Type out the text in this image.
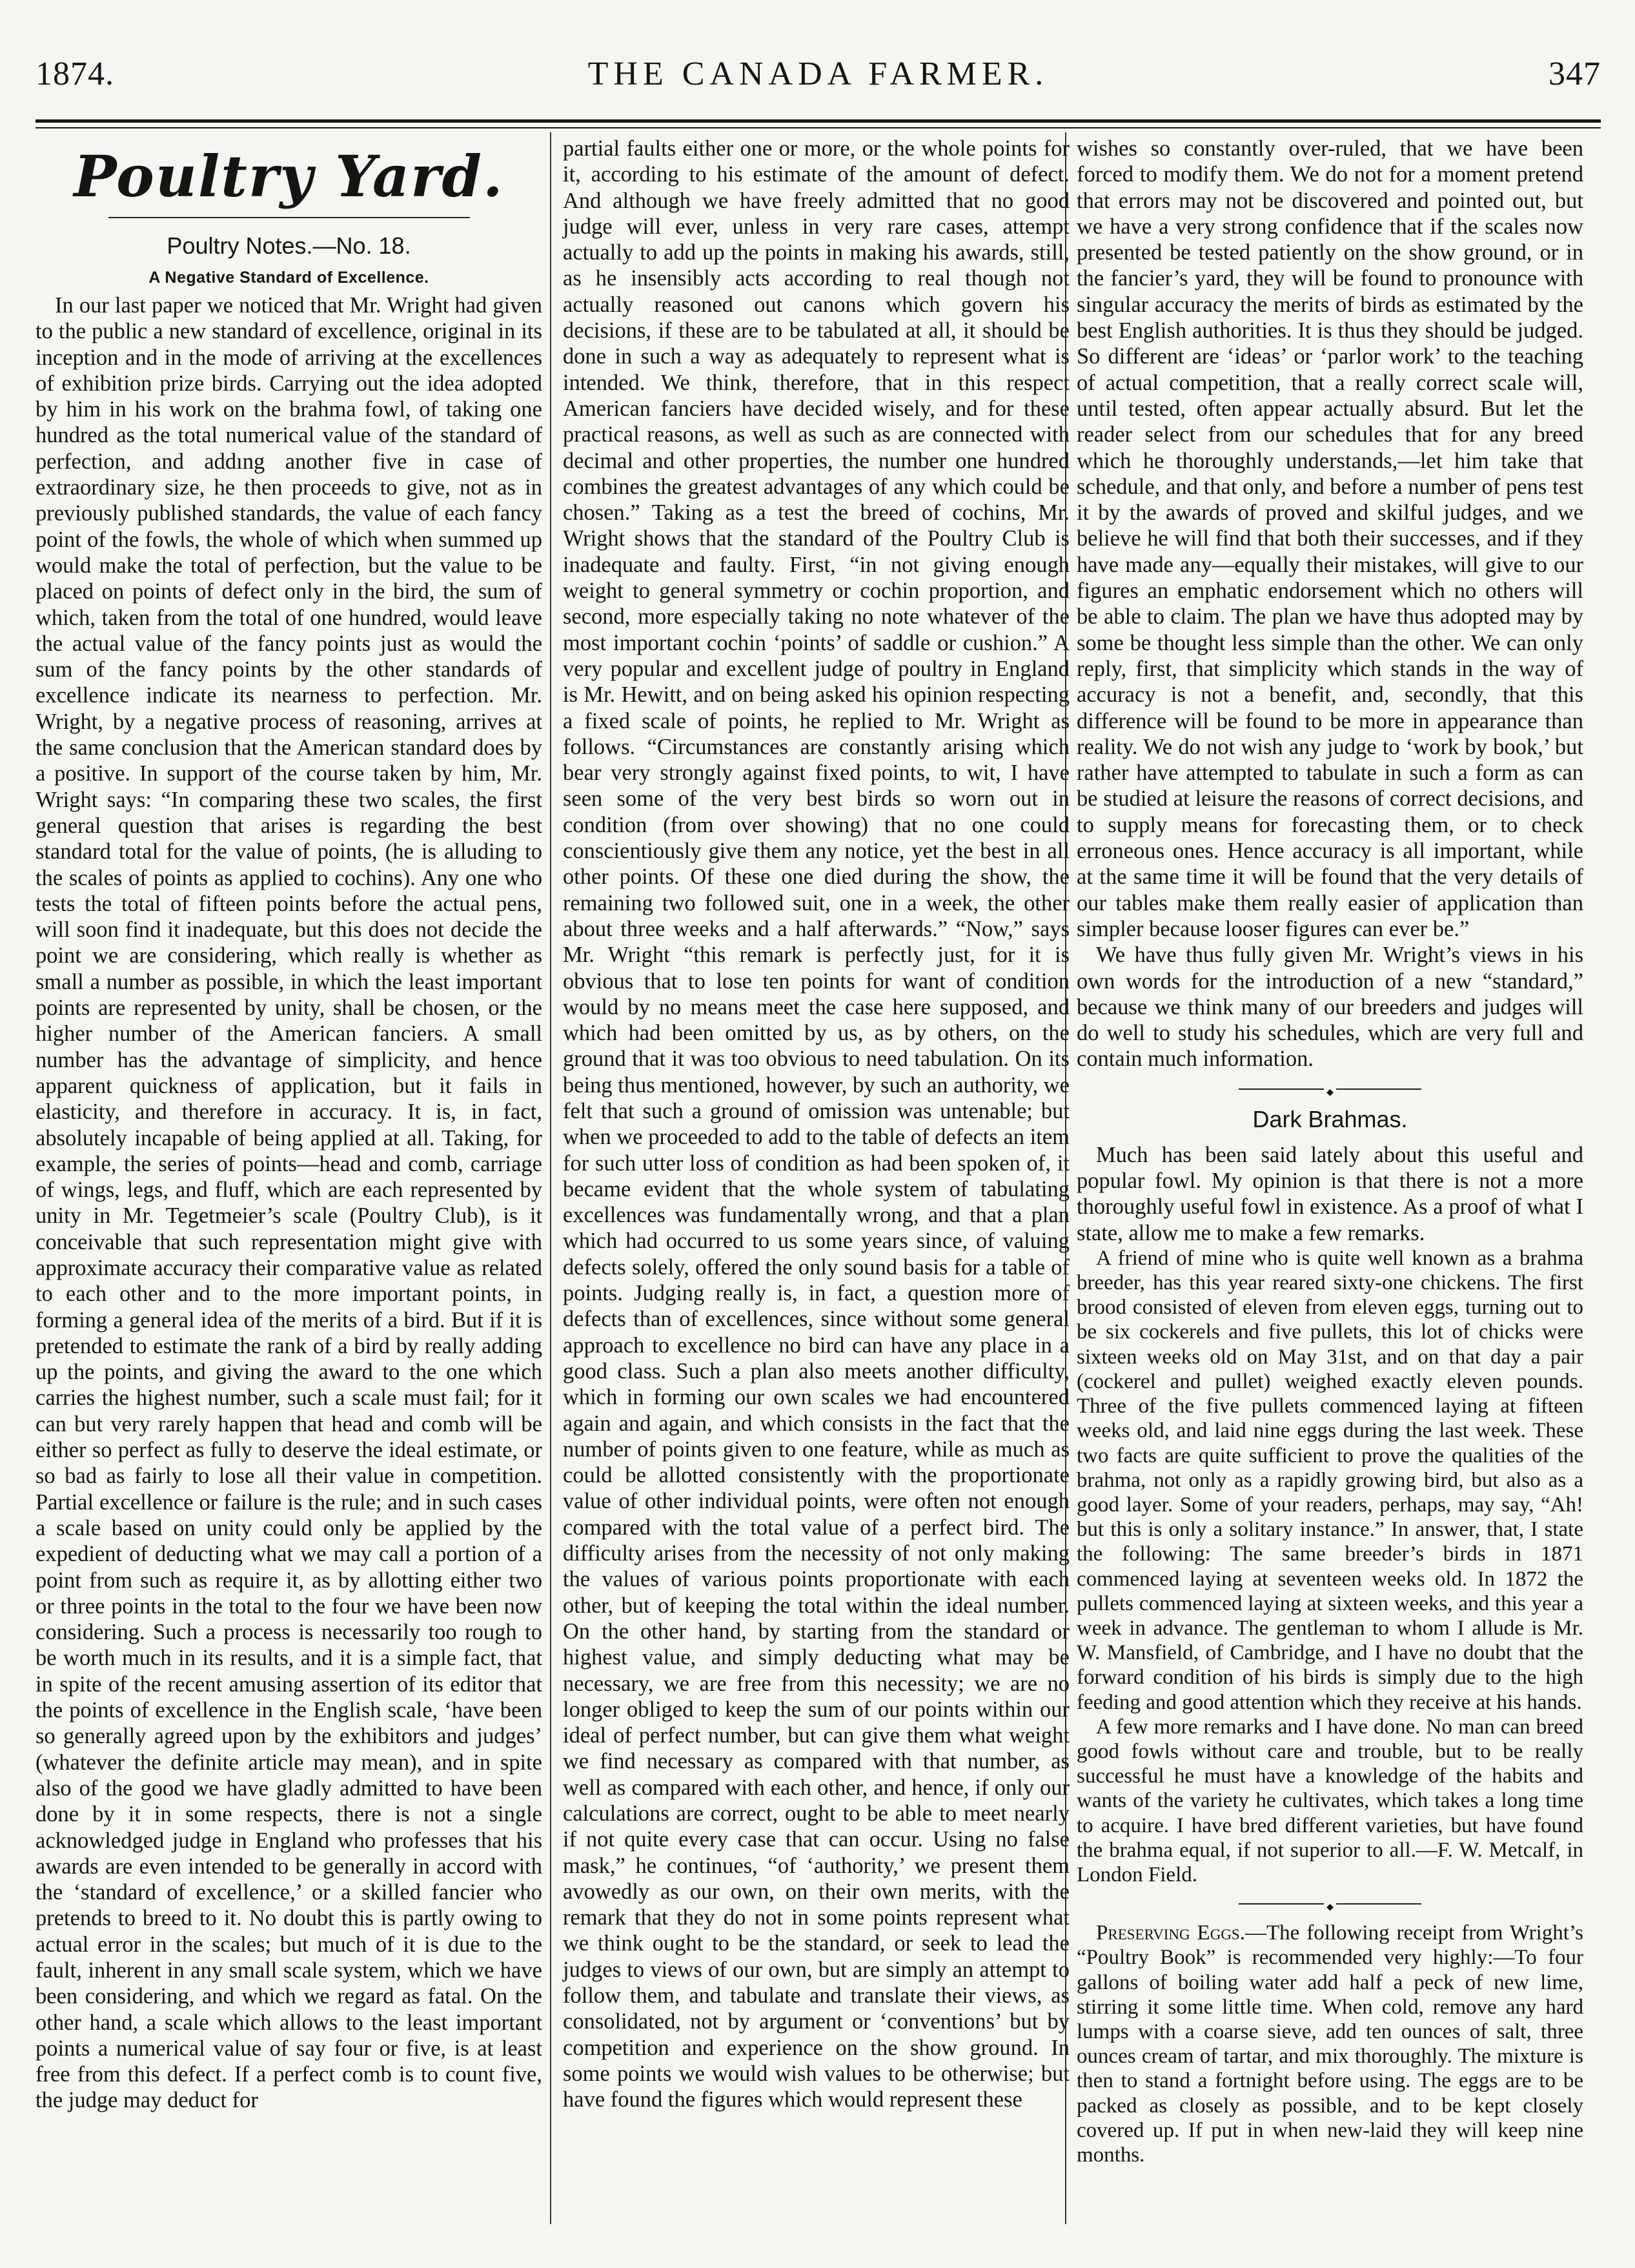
1874.	THE CANADA FARMER.	347
Poultry Yard.
Poultry Notes.—No. 18.
A Negative Standard of Excellence.

In our last paper we noticed that Mr. Wright had given to the public a new standard of excellence, original in its inception and in the mode of arriving at the excellences of exhibition prize birds. Carrying out the idea adopted by him in his work on the brahma fowl, of taking one hundred as the total numerical value of the standard of perfection, and addıng another five in case of extraordinary size, he then proceeds to give, not as in previously published standards, the value of each fancy point of the fowls, the whole of which when summed up would make the total of perfection, but the value to be placed on points of defect only in the bird, the sum of which, taken from the total of one hundred, would leave the actual value of the fancy points just as would the sum of the fancy points by the other standards of excellence indicate its nearness to perfection. Mr. Wright, by a negative process of reasoning, arrives at the same conclusion that the American standard does by a positive. In support of the course taken by him, Mr. Wright says: “In comparing these two scales, the first general question that arises is regarding the best standard total for the value of points, (he is alluding to the scales of points as applied to cochins). Any one who tests the total of fifteen points before the actual pens, will soon find it inadequate, but this does not decide the point we are considering, which really is whether as small a number as possible, in which the least important points are represented by unity, shall be chosen, or the higher number of the American fanciers. A small number has the advantage of simplicity, and hence apparent quickness of application, but it fails in elasticity, and therefore in accuracy. It is, in fact, absolutely incapable of being applied at all. Taking, for example, the series of points—head and comb, carriage of wings, legs, and fluff, which are each represented by unity in Mr. Tegetmeier’s scale (Poultry Club), is it conceivable that such representation might give with approximate accuracy their comparative value as related to each other and to the more important points, in forming a general idea of the merits of a bird. But if it is pretended to estimate the rank of a bird by really adding up the points, and giving the award to the one which carries the highest number, such a scale must fail; for it can but very rarely happen that head and comb will be either so perfect as fully to deserve the ideal estimate, or so bad as fairly to lose all their value in competition. Partial excellence or failure is the rule; and in such cases a scale based on unity could only be applied by the expedient of deducting what we may call a portion of a point from such as require it, as by allotting either two or three points in the total to the four we have been now considering. Such a process is necessarily too rough to be worth much in its results, and it is a simple fact, that in spite of the recent amusing assertion of its editor that the points of excellence in the English scale, ‘have been so generally agreed upon by the exhibitors and judges’ (whatever the definite article may mean), and in spite also of the good we have gladly admitted to have been done by it in some respects, there is not a single acknowledged judge in England who professes that his awards are even intended to be generally in accord with the ‘standard of excellence,’ or a skilled fancier who pretends to breed to it. No doubt this is partly owing to actual error in the scales; but much of it is due to the fault, inherent in any small scale system, which we have been considering, and which we regard as fatal. On the other hand, a scale which allows to the least important points a numerical value of say four or five, is at least free from this defect. If a perfect comb is to count five, the judge may deduct for

partial faults either one or more, or the whole points for it, according to his estimate of the amount of defect. And although we have freely admitted that no good judge will ever, unless in very rare cases, attempt actually to add up the points in making his awards, still, as he insensibly acts according to real though not actually reasoned out canons which govern his decisions, if these are to be tabulated at all, it should be done in such a way as adequately to represent what is intended. We think, therefore, that in this respect American fanciers have decided wisely, and for these practical reasons, as well as such as are connected with decimal and other properties, the number one hundred combines the greatest advantages of any which could be chosen.” Taking as a test the breed of cochins, Mr. Wright shows that the standard of the Poultry Club is inadequate and faulty. First, “in not giving enough weight to general symmetry or cochin proportion, and second, more especially taking no note whatever of the most important cochin ‘points’ of saddle or cushion.” A very popular and excellent judge of poultry in England is Mr. Hewitt, and on being asked his opinion respecting a fixed scale of points, he replied to Mr. Wright as follows. “Circumstances are constantly arising which bear very strongly against fixed points, to wit, I have seen some of the very best birds so worn out in condition (from over showing) that no one could conscientiously give them any notice, yet the best in all other points. Of these one died during the show, the remaining two followed suit, one in a week, the other about three weeks and a half afterwards.” “Now,” says Mr. Wright “this remark is perfectly just, for it is obvious that to lose ten points for want of condition would by no means meet the case here supposed, and which had been omitted by us, as by others, on the ground that it was too obvious to need tabulation. On its being thus mentioned, however, by such an authority, we felt that such a ground of omission was untenable; but when we proceeded to add to the table of defects an item for such utter loss of condition as had been spoken of, it became evident that the whole system of tabulating excellences was fundamentally wrong, and that a plan which had occurred to us some years since, of valuing defects solely, offered the only sound basis for a table of points. Judging really is, in fact, a question more of defects than of excellences, since without some general approach to excellence no bird can have any place in a good class. Such a plan also meets another difficulty, which in forming our own scales we had encountered again and again, and which consists in the fact that the number of points given to one feature, while as much as could be allotted consistently with the proportionate value of other individual points, were often not enough compared with the total value of a perfect bird. The difficulty arises from the necessity of not only making the values of various points proportionate with each other, but of keeping the total within the ideal number. On the other hand, by starting from the standard or highest value, and simply deducting what may be necessary, we are free from this necessity; we are no longer obliged to keep the sum of our points within our ideal of perfect number, but can give them what weight we find necessary as compared with that number, as well as compared with each other, and hence, if only our calculations are correct, ought to be able to meet nearly if not quite every case that can occur. Using no false mask,” he continues, “of ‘authority,’ we present them avowedly as our own, on their own merits, with the remark that they do not in some points represent what we think ought to be the standard, or seek to lead the judges to views of our own, but are simply an attempt to follow them, and tabulate and translate their views, as consolidated, not by argument or ‘conventions’ but by competition and experience on the show ground. In some points we would wish values to be otherwise; but have found the figures which would represent these

wishes so constantly over-ruled, that we have been forced to modify them. We do not for a moment pretend that errors may not be discovered and pointed out, but we have a very strong confidence that if the scales now presented be tested patiently on the show ground, or in the fancier’s yard, they will be found to pronounce with singular accuracy the merits of birds as estimated by the best English authorities. It is thus they should be judged. So different are ‘ideas’ or ‘parlor work’ to the teaching of actual competition, that a really correct scale will, until tested, often appear actually absurd. But let the reader select from our schedules that for any breed which he thoroughly understands,—let him take that schedule, and that only, and before a number of pens test it by the awards of proved and skilful judges, and we believe he will find that both their successes, and if they have made any—equally their mistakes, will give to our figures an emphatic endorsement which no others will be able to claim. The plan we have thus adopted may by some be thought less simple than the other. We can only reply, first, that simplicity which stands in the way of accuracy is not a benefit, and, secondly, that this difference will be found to be more in appearance than reality. We do not wish any judge to ‘work by book,’ but rather have attempted to tabulate in such a form as can be studied at leisure the reasons of correct decisions, and to supply means for forecasting them, or to check erroneous ones. Hence accuracy is all important, while at the same time it will be found that the very details of our tables make them really easier of application than simpler because looser figures can ever be.”

We have thus fully given Mr. Wright’s views in his own words for the introduction of a new “standard,” because we think many of our breeders and judges will do well to study his schedules, which are very full and contain much information.

◆
Dark Brahmas.

Much has been said lately about this useful and popular fowl. My opinion is that there is not a more thoroughly useful fowl in existence. As a proof of what I state, allow me to make a few remarks.

A friend of mine who is quite well known as a brahma breeder, has this year reared sixty-one chickens. The first brood consisted of eleven from eleven eggs, turning out to be six cockerels and five pullets, this lot of chicks were sixteen weeks old on May 31st, and on that day a pair (cockerel and pullet) weighed exactly eleven pounds. Three of the five pullets commenced laying at fifteen weeks old, and laid nine eggs during the last week. These two facts are quite sufficient to prove the qualities of the brahma, not only as a rapidly growing bird, but also as a good layer. Some of your readers, perhaps, may say, “Ah! but this is only a solitary instance.” In answer, that, I state the following: The same breeder’s birds in 1871 commenced laying at seventeen weeks old. In 1872 the pullets commenced laying at sixteen weeks, and this year a week in advance. The gentleman to whom I allude is Mr. W. Mansfield, of Cambridge, and I have no doubt that the forward condition of his birds is simply due to the high feeding and good attention which they receive at his hands.

A few more remarks and I have done. No man can breed good fowls without care and trouble, but to be really successful he must have a knowledge of the habits and wants of the variety he cultivates, which takes a long time to acquire. I have bred different varieties, but have found the brahma equal, if not superior to all.—F. W. Metcalf, in London Field.

◆

Preserving Eggs.—The following receipt from Wright’s “Poultry Book” is recommended very highly:—To four gallons of boiling water add half a peck of new lime, stirring it some little time. When cold, remove any hard lumps with a coarse sieve, add ten ounces of salt, three ounces cream of tartar, and mix thoroughly. The mixture is then to stand a fortnight before using. The eggs are to be packed as closely as possible, and to be kept closely covered up. If put in when new-laid they will keep nine months.
